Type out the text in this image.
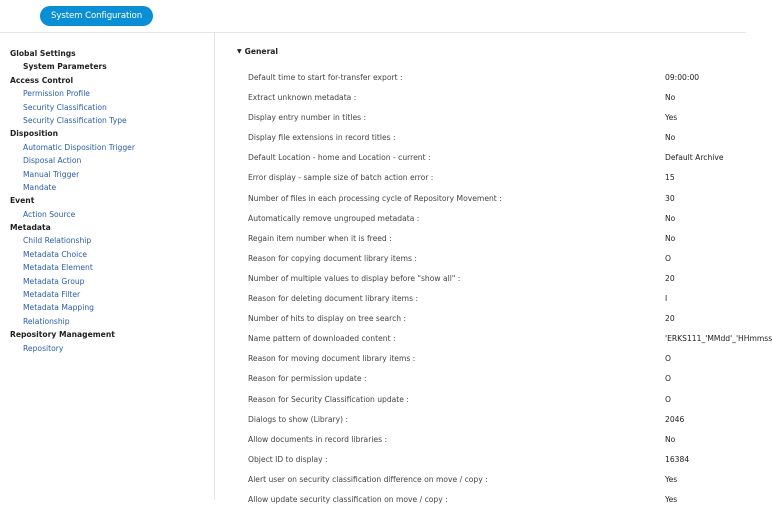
System Configuration
Global Settings
System Parameters
Access Control
Permission Profile
Security Classification
Security Classification Type
Disposition
Automatic Disposition Trigger
Disposal Action
Manual Trigger
Mandate
Event
Action Source
Metadata
Child Relationship
Metadata Choice
Metadata Element
Metadata Group
Metadata Filter
Metadata Mapping
Relationship
Repository Management
Repository
▼ General
Default time to start for-transfer export :	09:00:00
Extract unknown metadata :	No
Display entry number in titles :	Yes
Display file extensions in record titles :	No
Default Location - home and Location - current :	Default Archive
Error display - sample size of batch action error :	15
Number of files in each processing cycle of Repository Movement :	30
Automatically remove ungrouped metadata :	No
Regain item number when it is freed :	No
Reason for copying document library items :	O
Number of multiple values to display before "show all" :	20
Reason for deleting document library items :	I
Number of hits to display on tree search :	20
Name pattern of downloaded content :	'ERKS111_'MMdd'_'HHmmss
Reason for moving document library items :	O
Reason for permission update :	O
Reason for Security Classification update :	O
Dialogs to show (Library) :	2046
Allow documents in record libraries :	No
Object ID to display :	16384
Alert user on security classification difference on move / copy :	Yes
Allow update security classification on move / copy :	Yes
